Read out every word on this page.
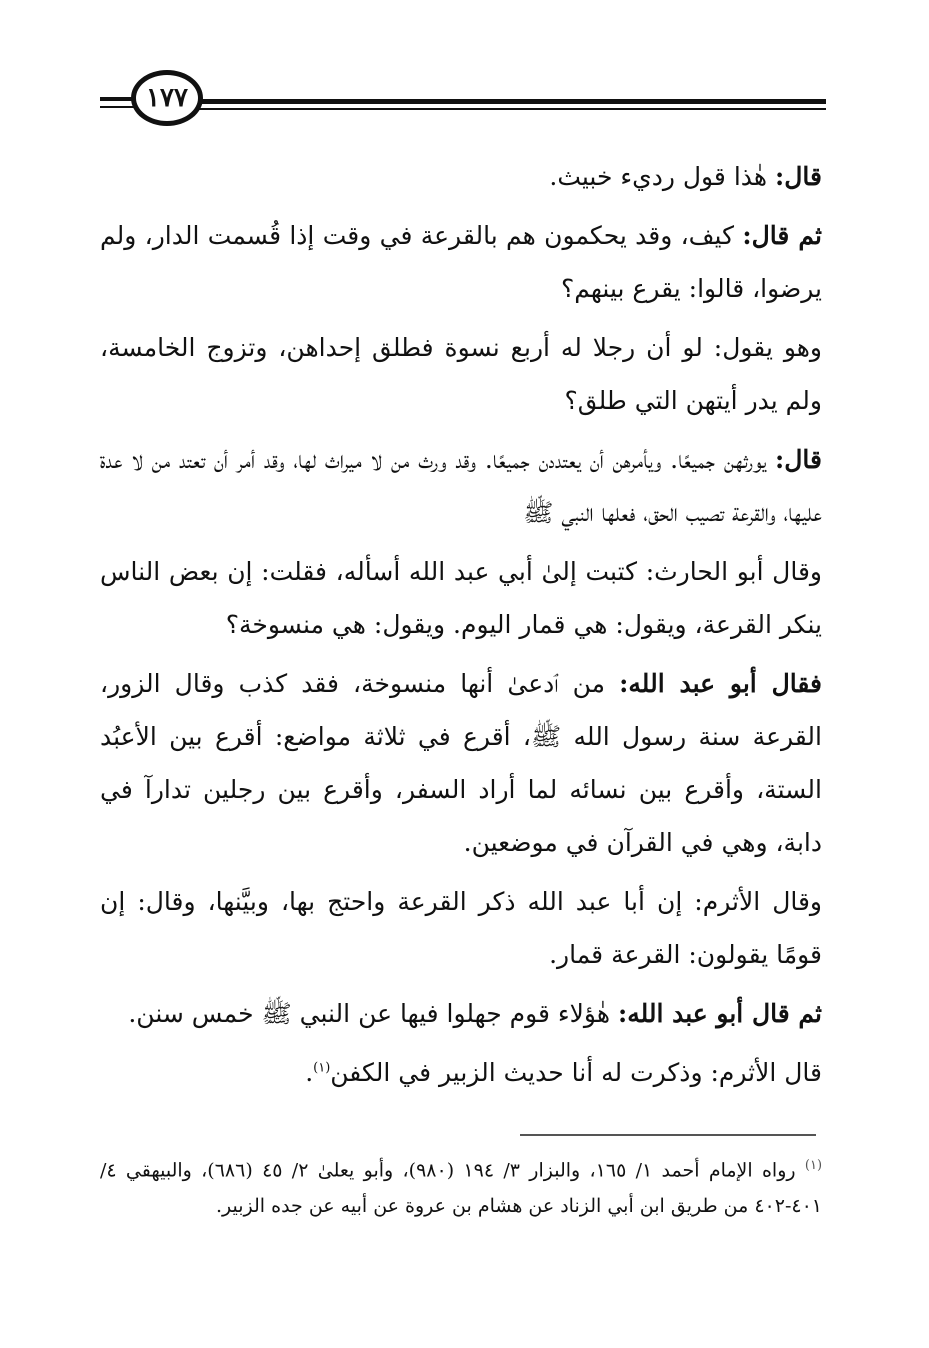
١٧٧

قال: هٰذا قول رديء خبيث.

ثم قال: كيف، وقد يحكمون هم بالقرعة في وقت إذا قُسمت الدار، ولم يرضوا، قالوا: يقرع بينهم؟

وهو يقول: لو أن رجلا له أربع نسوة فطلق إحداهن، وتزوج الخامسة، ولم يدر أيتهن التي طلق؟

قال: يورثهن جميعًا. ويأمرهن أن يعتددن جميعًا. وقد ورث من لا ميراث لها، وقد أمر أن تعتد من لا عدة عليها، والقرعة تصيب الحق، فعلها النبي ﷺ

وقال أبو الحارث: كتبت إلىٰ أبي عبد الله أسأله، فقلت: إن بعض الناس ينكر القرعة، ويقول: هي قمار اليوم. ويقول: هي منسوخة؟

فقال أبو عبد الله: من ٱدعىٰ أنها منسوخة، فقد كذب وقال الزور، القرعة سنة رسول الله ﷺ، أقرع في ثلاثة مواضع: أقرع بين الأعبُد الستة، وأقرع بين نسائه لما أراد السفر، وأقرع بين رجلين تدارآ في دابة، وهي في القرآن في موضعين.

وقال الأثرم: إن أبا عبد الله ذكر القرعة واحتج بها، وبيَّنها، وقال: إن قومًا يقولون: القرعة قمار.

ثم قال أبو عبد الله: هٰؤلاء قوم جهلوا فيها عن النبي ﷺ خمس سنن.

قال الأثرم: وذكرت له أنا حديث الزبير في الكفن$^{(١)}$.

$^{(١)}$ رواه الإمام أحمد ١/ ١٦٥، والبزار ٣/ ١٩٤ (٩٨٠)، وأبو يعلىٰ ٢/ ٤٥ (٦٨٦)، والبيهقي ٤/ ٤٠١-٤٠٢ من طريق ابن أبي الزناد عن هشام بن عروة عن أبيه عن جده الزبير.
